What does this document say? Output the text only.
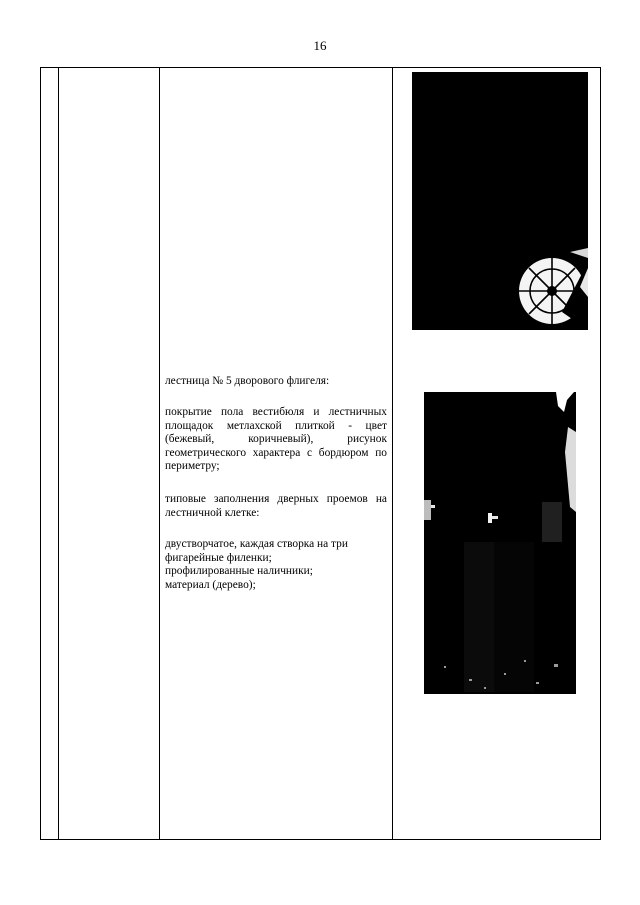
16
лестница № 5 дворового флигеля:
покрытие пола вестибюля и лестничных площадок метлахской плиткой - цвет (бежевый, коричневый), рисунок геометрического характера с бордюром по периметру;
типовые заполнения дверных проемов на лестничной клетке:
двустворчатое, каждая створка на три
фигарейные филенки;
профилированные наличники;
материал (дерево);
